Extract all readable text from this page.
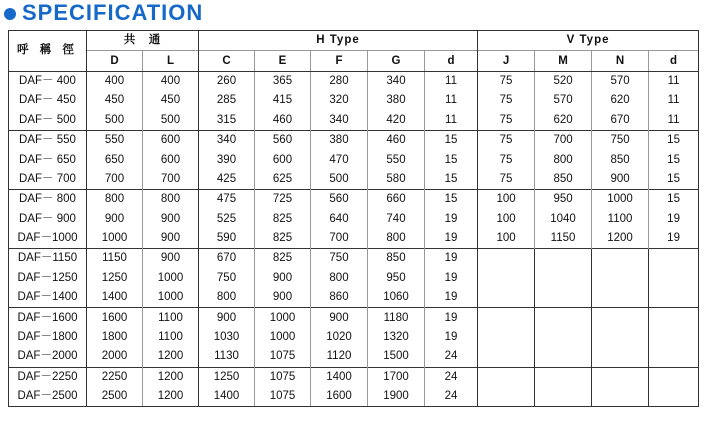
SPECIFICATION
呼 稱 徑	共　通		H Type					V Type			
	D	L	C	E	F	G	d	J	M	N	d
DAF－ 400	400	400	260	365	280	340	11	75	520	570	11
DAF－ 450	450	450	285	415	320	380	11	75	570	620	11
DAF－ 500	500	500	315	460	340	420	11	75	620	670	11
DAF－ 550	550	600	340	560	380	460	15	75	700	750	15
DAF－ 650	650	600	390	600	470	550	15	75	800	850	15
DAF－ 700	700	700	425	625	500	580	15	75	850	900	15
DAF－ 800	800	800	475	725	560	660	15	100	950	1000	15
DAF－ 900	900	900	525	825	640	740	19	100	1040	1100	19
DAF－1000	1000	900	590	825	700	800	19	100	1150	1200	19
DAF－1150	1150	900	670	825	750	850	19				
DAF－1250	1250	1000	750	900	800	950	19				
DAF－1400	1400	1000	800	900	860	1060	19				
DAF－1600	1600	1100	900	1000	900	1180	19				
DAF－1800	1800	1100	1030	1000	1020	1320	19				
DAF－2000	2000	1200	1130	1075	1120	1500	24				
DAF－2250	2250	1200	1250	1075	1400	1700	24				
DAF－2500	2500	1200	1400	1075	1600	1900	24				
